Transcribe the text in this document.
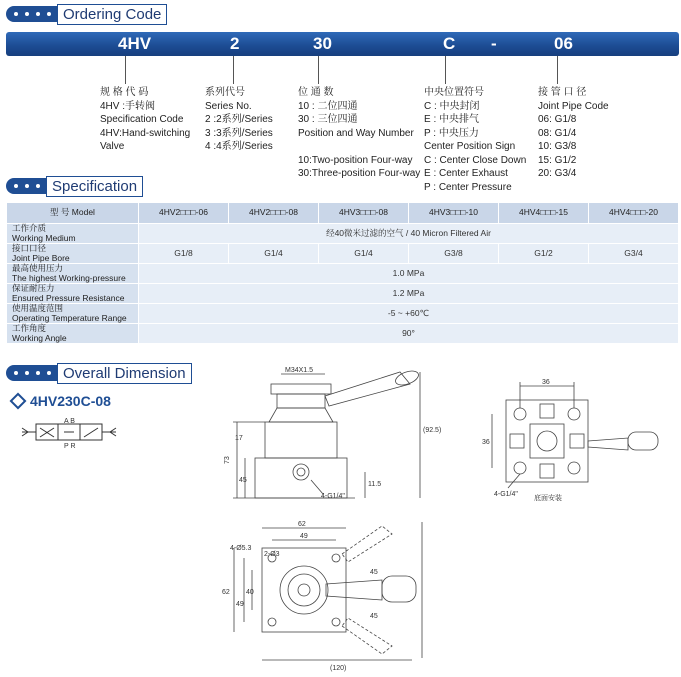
Ordering Code
4HV	2	30	C -	06
规 格 代 码
4HV :手转阀
Specification Code
4HV:Hand-switching
Valve
系列代号
Series No.
2 :2系列/Series
3 :3系列/Series
4 :4系列/Series
位 通 数
10 : 二位四通
30 : 三位四通
Position and Way Number
10:Two-position Four-way
30:Three-position Four-way
中央位置符号
C : 中央封闭
E : 中央排气
P : 中央压力
Center Position Sign
C : Center Close Down
E : Center Exhaust
P : Center Pressure
接 管 口 径
Joint Pipe Code
06: G1/8
08: G1/4
10: G3/8
15: G1/2
20: G3/4
Specification
型 号 Model	4HV2□□□-06	4HV2□□□-08	4HV3□□□-08	4HV3□□□-10	4HV4□□□-15	4HV4□□□-20

工作介质
Working Medium	经40微米过滤的空气 / 40 Micron Filtered Air					

接口口径
Joint Pipe Bore	G1/8	G1/4	G1/4	G3/8	G1/2	G3/4

最高使用压力
The highest Working-pressure	1.0 MPa					

保证耐压力
Ensured Pressure Resistance	1.2 MPa					

使用温度范围
Operating Temperature Range	-5 ~ +60℃					

工作角度
Working Angle	90°					
Overall Dimension
4HV230C-08
A B
P R
M34X1.5
73
17
45
11.5
(92.5)
4-G1/4"
36
36
4-G1/4"
底面安装
62
49
4-Ø5.3
2-Ø3
62
49
40
45
45
(120)
